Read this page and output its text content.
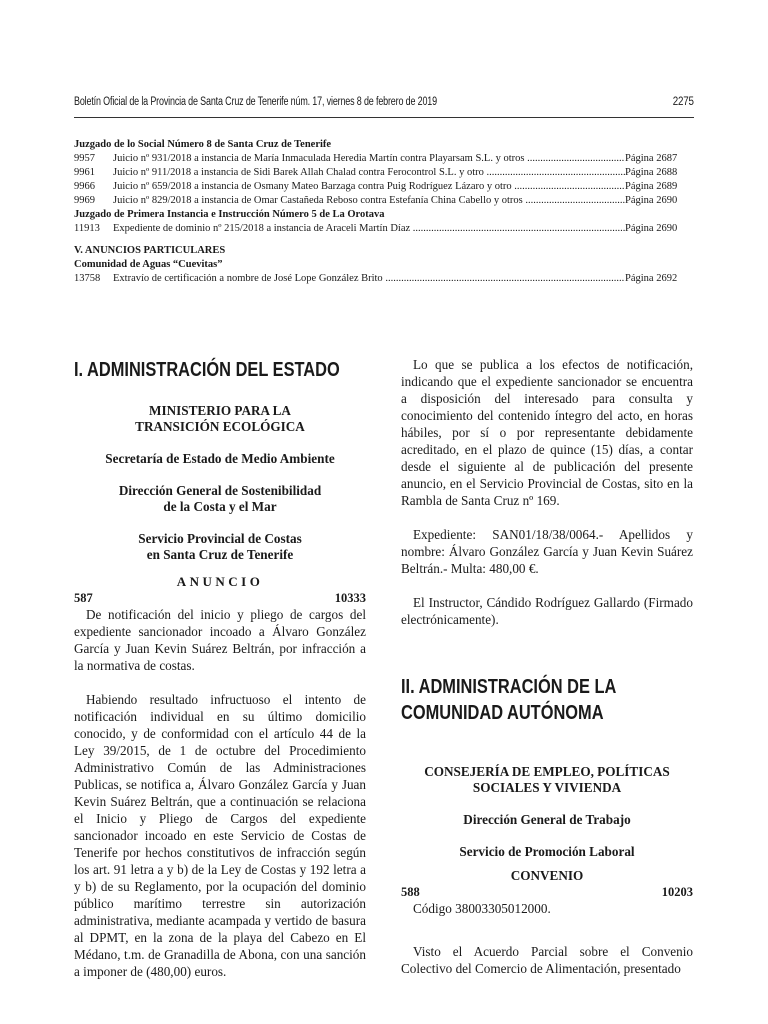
Boletín Oficial de la Provincia de Santa Cruz de Tenerife núm. 17, viernes 8 de febrero de 2019	2275
Juzgado de lo Social Número 8 de Santa Cruz de Tenerife
9957 Juicio nº 931/2018 a instancia de María Inmaculada Heredia Martín contra Playarsam S.L. y otros .....	Página 2687
9961 Juicio nº 911/2018 a instancia de Sidi Barek Allah Chalad contra Ferocontrol S.L. y otro .....	Página 2688
9966 Juicio nº 659/2018 a instancia de Osmany Mateo Barzaga contra Puig Rodríguez Lázaro y otro .....	Página 2689
9969 Juicio nº 829/2018 a instancia de Omar Castañeda Reboso contra Estefanía China Cabello y otros .....	Página 2690
Juzgado de Primera Instancia e Instrucción Número 5 de La Orotava
11913 Expediente de dominio nº 215/2018 a instancia de Araceli Martín Díaz .....	Página 2690
V. ANUNCIOS PARTICULARES
Comunidad de Aguas “Cuevitas”
13758 Extravío de certificación a nombre de José Lope González Brito .....	Página 2692
I. ADMINISTRACIÓN DEL ESTADO
MINISTERIO PARA LA
TRANSICIÓN ECOLÓGICA
Secretaría de Estado de Medio Ambiente
Dirección General de Sostenibilidad
de la Costa y el Mar
Servicio Provincial de Costas
en Santa Cruz de Tenerife
ANUNCIO
587	10333

De notificación del inicio y pliego de cargos del expediente sancionador incoado a Álvaro González García y Juan Kevin Suárez Beltrán, por infracción a la normativa de costas.

Habiendo resultado infructuoso el intento de notificación individual en su último domicilio conocido, y de conformidad con el artículo 44 de la Ley 39/2015, de 1 de octubre del Procedimiento Administrativo Común de las Administraciones Publicas, se notifica a, Álvaro González García y Juan Kevin Suárez Beltrán, que a continuación se relaciona el Inicio y Pliego de Cargos del expediente sancionador incoado en este Servicio de Costas de Tenerife por hechos constitutivos de infracción según los art. 91 letra a y b) de la Ley de Costas y 192 letra a y b) de su Reglamento, por la ocupación del dominio público marítimo terrestre sin autorización administrativa, mediante acampada y vertido de basura al DPMT, en la zona de la playa del Cabezo en El Médano, t.m. de Granadilla de Abona, con una sanción a imponer de (480,00) euros.

Lo que se publica a los efectos de notificación, indicando que el expediente sancionador se encuentra a disposición del interesado para consulta y conocimiento del contenido íntegro del acto, en horas hábiles, por sí o por representante debidamente acreditado, en el plazo de quince (15) días, a contar desde el siguiente al de publicación del presente anuncio, en el Servicio Provincial de Costas, sito en la Rambla de Santa Cruz nº 169.

Expediente: SAN01/18/38/0064.- Apellidos y nombre: Álvaro González García y Juan Kevin Suárez Beltrán.- Multa: 480,00 €.

El Instructor, Cándido Rodríguez Gallardo (Firmado electrónicamente).

II. ADMINISTRACIÓN DE LA
COMUNIDAD AUTÓNOMA
CONSEJERÍA DE EMPLEO, POLÍTICAS
SOCIALES Y VIVIENDA
Dirección General de Trabajo
Servicio de Promoción Laboral
CONVENIO
588	10203

Código 38003305012000.

Visto el Acuerdo Parcial sobre el Convenio Colectivo del Comercio de Alimentación, presentado
